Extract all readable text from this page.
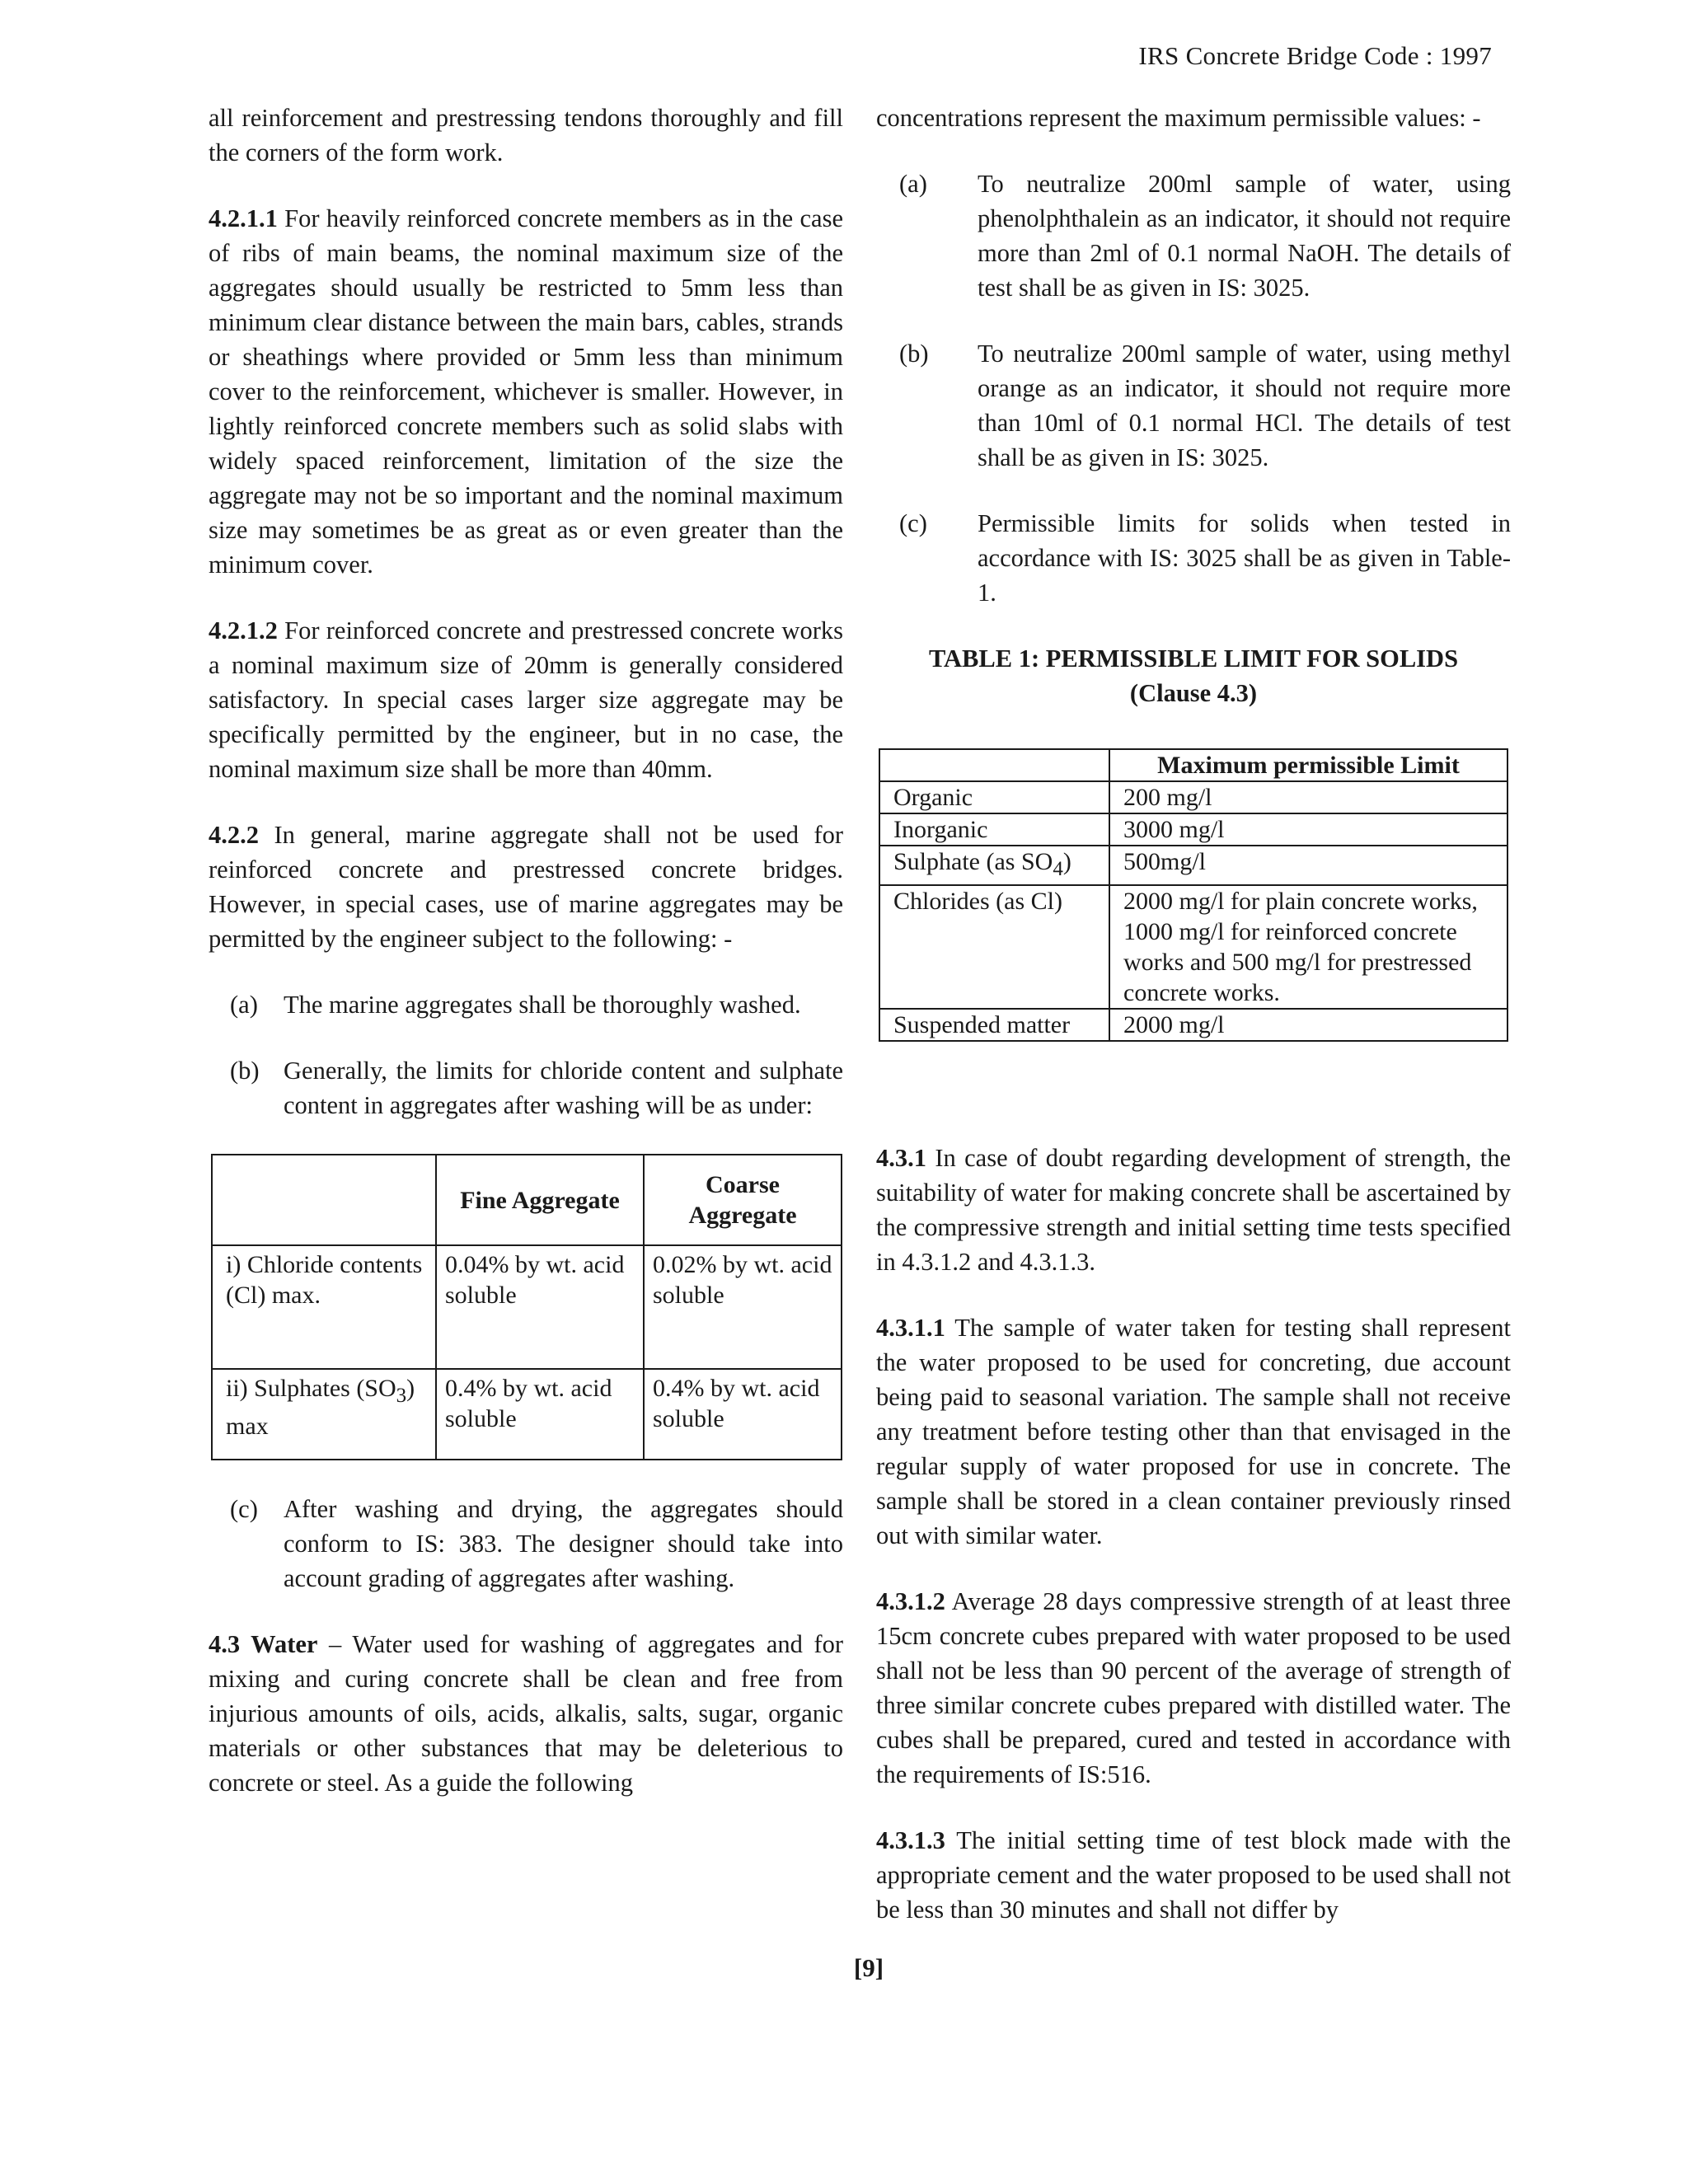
IRS Concrete Bridge Code : 1997

all reinforcement and prestressing tendons thoroughly and fill the corners of the form work.

4.2.1.1 For heavily reinforced concrete members as in the case of ribs of main beams, the nominal maximum size of the aggregates should usually be restricted to 5mm less than minimum clear distance between the main bars, cables, strands or sheathings where provided or 5mm less than minimum cover to the reinforcement, whichever is smaller. However, in lightly reinforced concrete members such as solid slabs with widely spaced reinforcement, limitation of the size the aggregate may not be so important and the nominal maximum size may sometimes be as great as or even greater than the minimum cover.

4.2.1.2 For reinforced concrete and prestressed concrete works a nominal maximum size of 20mm is generally considered satisfactory. In special cases larger size aggregate may be specifically permitted by the engineer, but in no case, the nominal maximum size shall be more than 40mm.

4.2.2 In general, marine aggregate shall not be used for reinforced concrete and prestressed concrete bridges. However, in special cases, use of marine aggregates may be permitted by the engineer subject to the following: -

(a)	The marine aggregates shall be thoroughly washed.
(b) Generally, the limits for chloride content and sulphate content in aggregates after washing will be as under:
	Fine Aggregate	Coarse Aggregate
i) Chloride contents (Cl) max.	0.04% by wt. acid soluble	0.02% by wt. acid soluble
ii) Sulphates $(SO_3)$ max	0.4% by wt. acid soluble	0.4% by wt. acid soluble
(c)	After washing and drying, the aggregates should conform to IS: 383. The designer should take into account grading of aggregates after washing.

4.3 Water – Water used for washing of aggregates and for mixing and curing concrete shall be clean and free from injurious amounts of oils, acids, alkalis, salts, sugar, organic materials or other substances that may be deleterious to concrete or steel. As a guide the following

concentrations represent the maximum permissible values: -

(a)	To neutralize 200ml sample of water, using phenolphthalein as an indicator, it should not require more than 2ml of 0.1 normal NaOH. The details of test shall be as given in IS: 3025.
(b)	To neutralize 200ml sample of water, using methyl orange as an indicator, it should not require more than 10ml of 0.1 normal HCl. The details of test shall be as given in IS: 3025.
(c)	Permissible limits for solids when tested in accordance with IS: 3025 shall be as given in Table-1.
TABLE 1: PERMISSIBLE LIMIT FOR SOLIDS
(Clause 4.3)
	Maximum permissible Limit
Organic	200 mg/l
Inorganic	3000 mg/l
Sulphate (as $SO_4$)	500mg/l
Chlorides (as Cl)	2000 mg/l for plain concrete works, 1000 mg/l for reinforced concrete works and 500 mg/l for prestressed concrete works.
Suspended matter	2000 mg/l

4.3.1 In case of doubt regarding development of strength, the suitability of water for making concrete shall be ascertained by the compressive strength and initial setting time tests specified in 4.3.1.2 and 4.3.1.3.

4.3.1.1 The sample of water taken for testing shall represent the water proposed to be used for concreting, due account being paid to seasonal variation. The sample shall not receive any treatment before testing other than that envisaged in the regular supply of water proposed for use in concrete. The sample shall be stored in a clean container previously rinsed out with similar water.

4.3.1.2 Average 28 days compressive strength of at least three 15cm concrete cubes prepared with water proposed to be used shall not be less than 90 percent of the average of strength of three similar concrete cubes prepared with distilled water. The cubes shall be prepared, cured and tested in accordance with the requirements of IS:516.

4.3.1.3 The initial setting time of test block made with the appropriate cement and the water proposed to be used shall not be less than 30 minutes and shall not differ by

[9]
